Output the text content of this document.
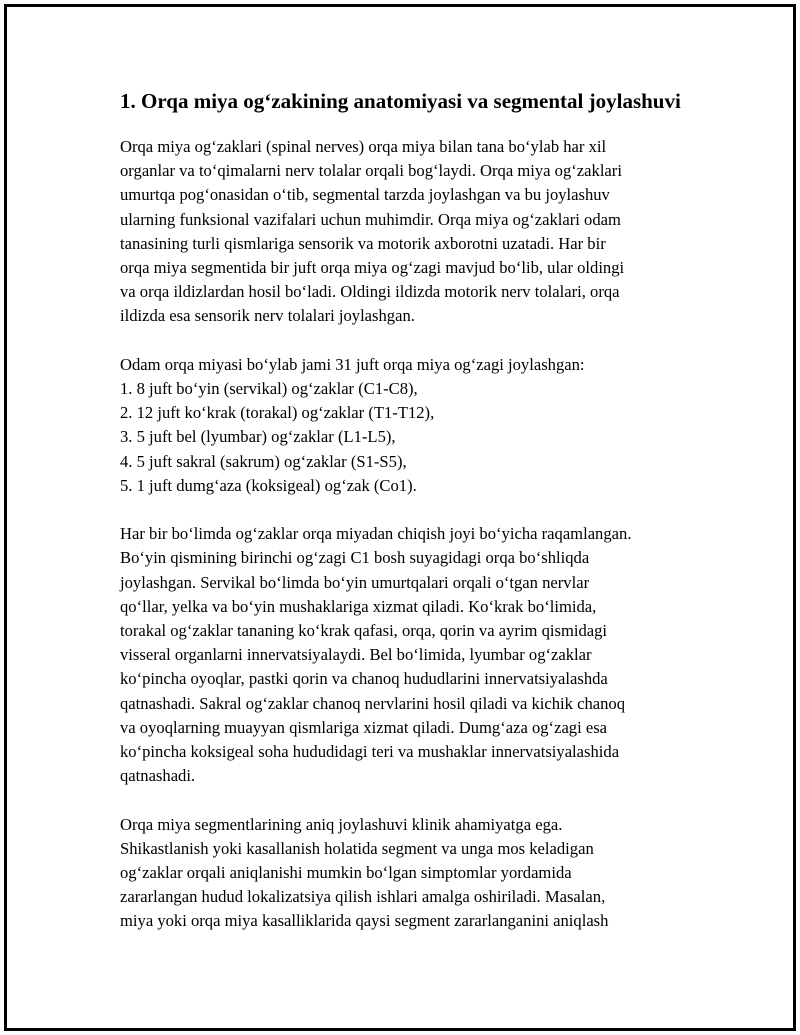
1. Orqa miya og‘zakining anatomiyasi va segmental joylashuvi
Orqa miya og‘zaklari (spinal nerves) orqa miya bilan tana bo‘ylab har xil
organlar va to‘qimalarni nerv tolalar orqali bog‘laydi. Orqa miya og‘zaklari
umurtqa pog‘onasidan o‘tib, segmental tarzda joylashgan va bu joylashuv
ularning funksional vazifalari uchun muhimdir. Orqa miya og‘zaklari odam
tanasining turli qismlariga sensorik va motorik axborotni uzatadi. Har bir
orqa miya segmentida bir juft orqa miya og‘zagi mavjud bo‘lib, ular oldingi
va orqa ildizlardan hosil bo‘ladi. Oldingi ildizda motorik nerv tolalari, orqa
ildizda esa sensorik nerv tolalari joylashgan.
Odam orqa miyasi bo‘ylab jami 31 juft orqa miya og‘zagi joylashgan:
1. 8 juft bo‘yin (servikal) og‘zaklar (C1-C8),
2. 12 juft ko‘krak (torakal) og‘zaklar (T1-T12),
3. 5 juft bel (lyumbar) og‘zaklar (L1-L5),
4. 5 juft sakral (sakrum) og‘zaklar (S1-S5),
5. 1 juft dumg‘aza (koksigeal) og‘zak (Co1).
Har bir bo‘limda og‘zaklar orqa miyadan chiqish joyi bo‘yicha raqamlangan.
Bo‘yin qismining birinchi og‘zagi C1 bosh suyagidagi orqa bo‘shliqda
joylashgan. Servikal bo‘limda bo‘yin umurtqalari orqali o‘tgan nervlar
qo‘llar, yelka va bo‘yin mushaklariga xizmat qiladi. Ko‘krak bo‘limida,
torakal og‘zaklar tananing ko‘krak qafasi, orqa, qorin va ayrim qismidagi
visseral organlarni innervatsiyalaydi. Bel bo‘limida, lyumbar og‘zaklar
ko‘pincha oyoqlar, pastki qorin va chanoq hududlarini innervatsiyalashda
qatnashadi. Sakral og‘zaklar chanoq nervlarini hosil qiladi va kichik chanoq
va oyoqlarning muayyan qismlariga xizmat qiladi. Dumg‘aza og‘zagi esa
ko‘pincha koksigeal soha hududidagi teri va mushaklar innervatsiyalashida
qatnashadi.
Orqa miya segmentlarining aniq joylashuvi klinik ahamiyatga ega.
Shikastlanish yoki kasallanish holatida segment va unga mos keladigan
og‘zaklar orqali aniqlanishi mumkin bo‘lgan simptomlar yordamida
zararlangan hudud lokalizatsiya qilish ishlari amalga oshiriladi. Masalan,
miya yoki orqa miya kasalliklarida qaysi segment zararlanganini aniqlash
